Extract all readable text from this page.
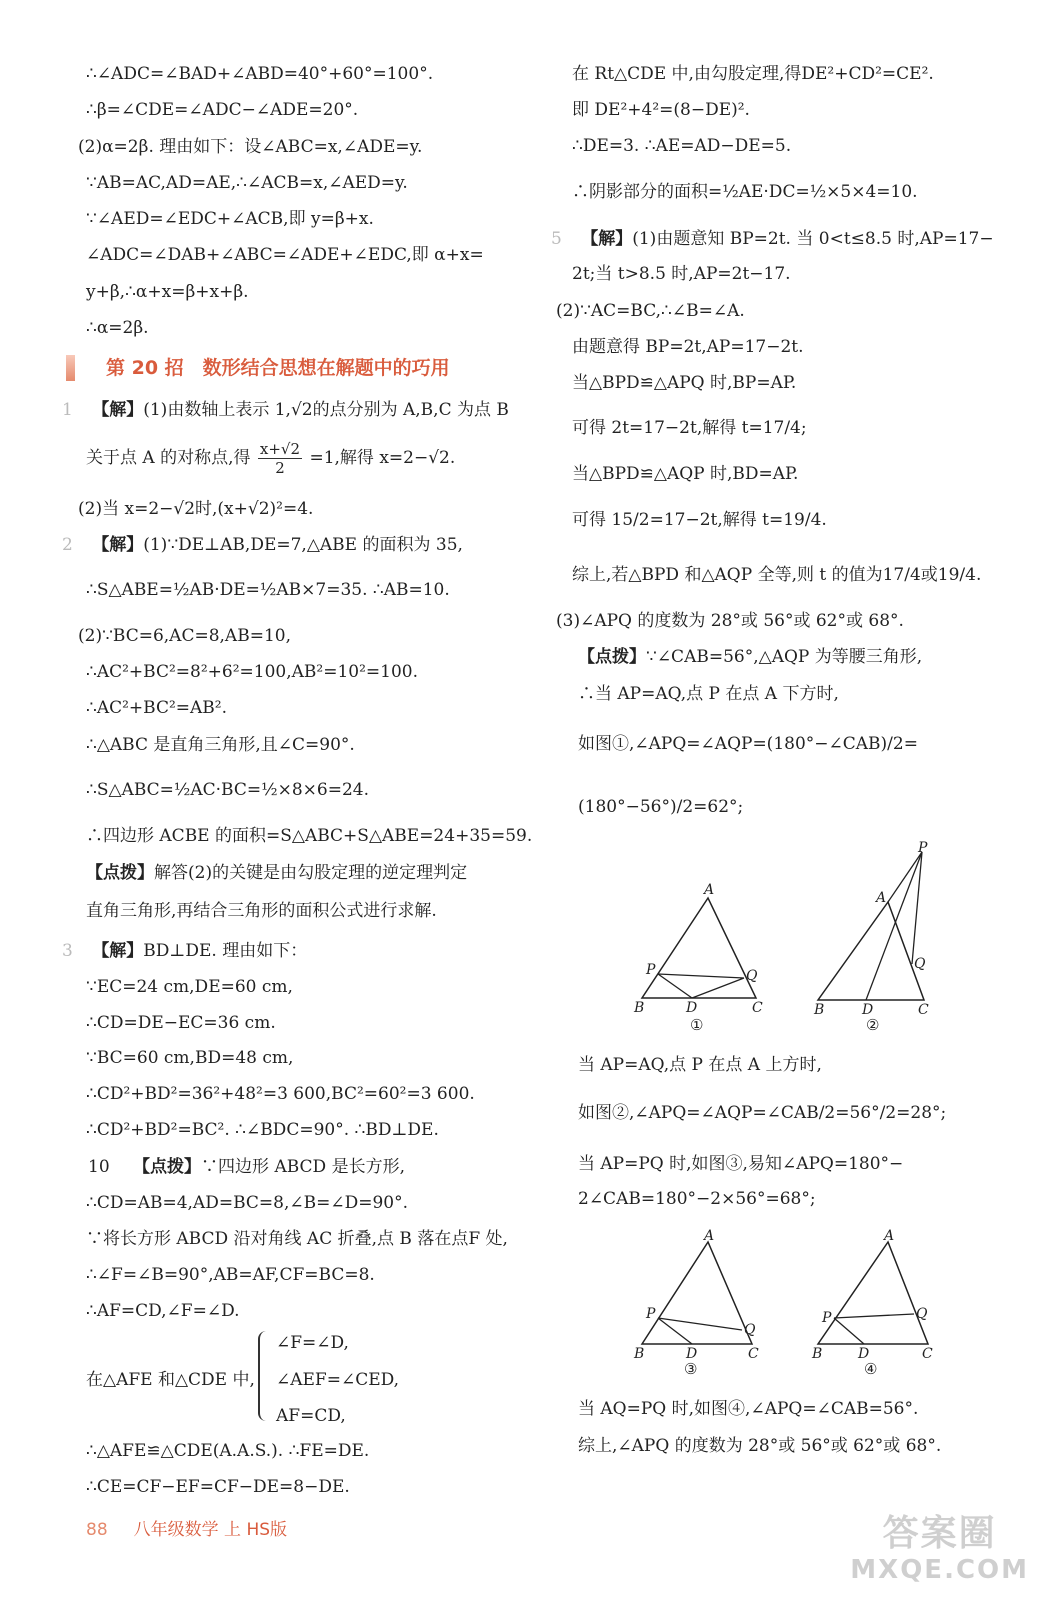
∴∠ADC=∠BAD+∠ABD=40°+60°=100°.
∴β=∠CDE=∠ADC−∠ADE=20°.
(2)α=2β. 理由如下：设∠ABC=x,∠ADE=y.
∵AB=AC,AD=AE,∴∠ACB=x,∠AED=y.
∵∠AED=∠EDC+∠ACB,即 y=β+x.
∠ADC=∠DAB+∠ABC=∠ADE+∠EDC,即 α+x=
y+β,∴α+x=β+x+β.
∴α=2β.
第 20 招　数形结合思想在解题中的巧用
1 【解】(1)由数轴上表示 1,√2的点分别为 A,B,C 为点 B
关于点 A 的对称点,得 $\frac{x+√2}{2} =1$,解得 x=2−√2.
(2)当 x=2−√2时,(x+√2)²=4.
2 【解】(1)∵DE⊥AB,DE=7,△ABE 的面积为 35,
∴S△ABE=½AB·DE=½AB×7=35. ∴AB=10.
(2)∵BC=6,AC=8,AB=10,
∴AC²+BC²=8²+6²=100,AB²=10²=100.
∴AC²+BC²=AB².
∴△ABC 是直角三角形,且∠C=90°.
∴S△ABC=½AC·BC=½×8×6=24.
∴四边形 ACBE 的面积=S△ABC+S△ABE=24+35=59.
【点拨】解答(2)的关键是由勾股定理的逆定理判定
直角三角形,再结合三角形的面积公式进行求解.
3 【解】BD⊥DE. 理由如下：
∵EC=24 cm,DE=60 cm,
∴CD=DE−EC=36 cm.
∵BC=60 cm,BD=48 cm,
∴CD²+BD²=36²+48²=3 600,BC²=60²=3 600.
∴CD²+BD²=BC². ∴∠BDC=90°. ∴BD⊥DE.
10 【点拨】∵四边形 ABCD 是长方形,
∴CD=AB=4,AD=BC=8,∠B=∠D=90°.
∵将长方形 ABCD 沿对角线 AC 折叠,点 B 落在点F 处,
∴∠F=∠B=90°,AB=AF,CF=BC=8.
∴AF=CD,∠F=∠D.
在△AFE 和△CDE 中,
∠F=∠D,
∠AEF=∠CED,
AF=CD,
∴△AFE≌△CDE(A.A.S.). ∴FE=DE.
∴CE=CF−EF=CF−DE=8−DE.
在 Rt△CDE 中,由勾股定理,得DE²+CD²=CE².
即 DE²+4²=(8−DE)².
∴DE=3. ∴AE=AD−DE=5.
∴阴影部分的面积=½AE·DC=½×5×4=10.
5 【解】(1)由题意知 BP=2t. 当 0<t≤8.5 时,AP=17−
2t;当 t>8.5 时,AP=2t−17.
(2)∵AC=BC,∴∠B=∠A.
由题意得 BP=2t,AP=17−2t.
当△BPD≌△APQ 时,BP=AP.
可得 2t=17−2t,解得 t=17/4;
当△BPD≌△AQP 时,BD=AP.
可得 15/2=17−2t,解得 t=19/4.
综上,若△BPD 和△AQP 全等,则 t 的值为17/4或19/4.
(3)∠APQ 的度数为 28°或 56°或 62°或 68°.
【点拨】∵∠CAB=56°,△AQP 为等腰三角形,
∴当 AP=AQ,点 P 在点 A 下方时,
如图①,∠APQ=∠AQP=(180°−∠CAB)/2=
(180°−56°)/2=62°;
A
B	C
D
P	Q
①
P
A
B	C
D
Q
②
当 AP=AQ,点 P 在点 A 上方时,
如图②,∠APQ=∠AQP=∠CAB/2=56°/2=28°;
当 AP=PQ 时,如图③,易知∠APQ=180°−
2∠CAB=180°−2×56°=68°;
A
B	C
D
P
Q
③
A
B	C
D
P	Q
④
当 AQ=PQ 时,如图④,∠APQ=∠CAB=56°.
综上,∠APQ 的度数为 28°或 56°或 62°或 68°.
88 八年级数学 上 HS版	答案圈
MXQE.COM
